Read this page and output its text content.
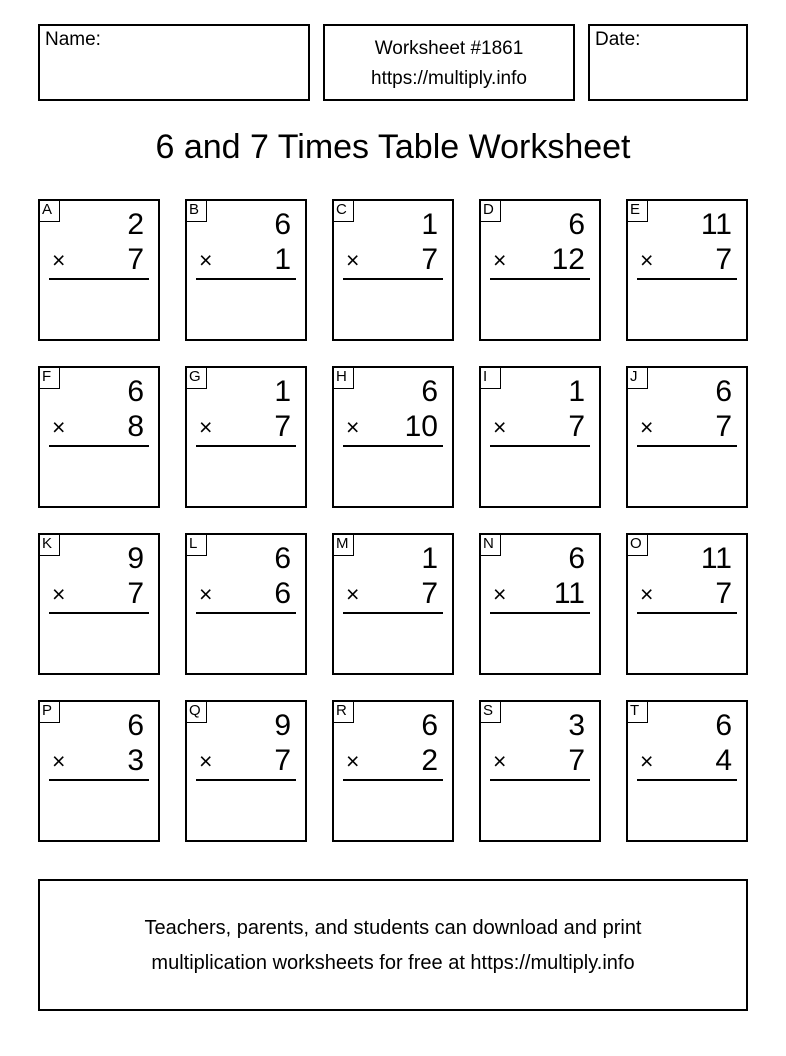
Name:	Worksheet #1861
https://multiply.info
Date:
6 and 7 Times Table Worksheet
A	2
× 7
B	6
× 1
C 1
× 7
D 6
× 12
E 11
× 7
F	6
× 8
G 1
× 7
H 6
× 10
I	1
× 7
J	6
× 7
K	9
× 7
L	6
× 6
M 1
× 7
N 6
× 11
O 11
× 7
P	6
× 3
Q 9
× 7
R 6
× 2
S	3
× 7
T	6
× 4
Teachers, parents, and students can download and print
multiplication worksheets for free at https://multiply.info
